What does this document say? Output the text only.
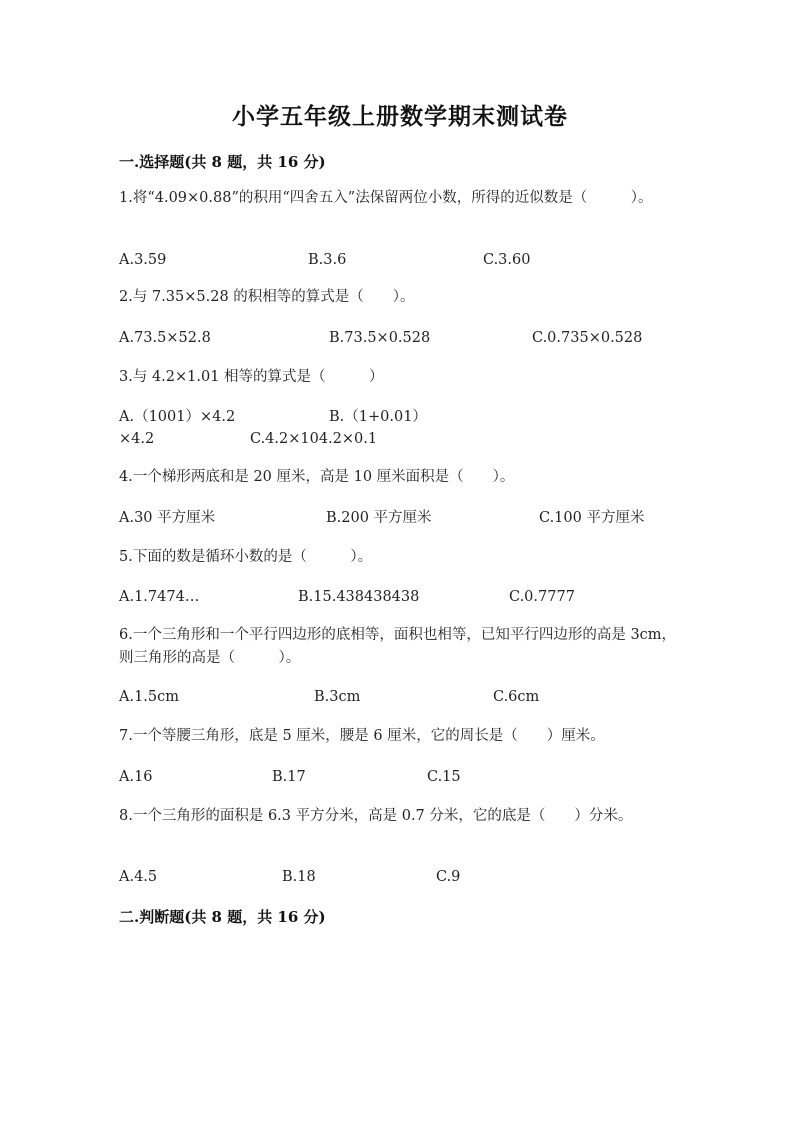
小学五年级上册数学期末测试卷
一.选择题(共 8 题，共 16 分)
1.将“4.09×0.88”的积用“四舍五入”法保留两位小数，所得的近似数是（　　　）。
A.3.59	B.3.6	C.3.60
2.与 7.35×5.28 的积相等的算式是（　　）。
A.73.5×52.8	B.73.5×0.528	C.0.735×0.528
3.与 4.2×1.01 相等的算式是（　　　）
A.（1001）×4.2	B.（1+0.01）
×4.2	C.4.2×104.2×0.1
4.一个梯形两底和是 20 厘米，高是 10 厘米面积是（　　）。
A.30 平方厘米	B.200 平方厘米	C.100 平方厘米
5.下面的数是循环小数的是（　　　）。
A.1.7474…	B.15.438438438	C.0.7777
6.一个三角形和一个平行四边形的底相等，面积也相等，已知平行四边形的高是 3cm，则三角形的高是（　　　）。
A.1.5cm	B.3cm	C.6cm
7.一个等腰三角形，底是 5 厘米，腰是 6 厘米，它的周长是（　　）厘米。
A.16	B.17	C.15
8.一个三角形的面积是 6.3 平方分米，高是 0.7 分米，它的底是（　　）分米。
A.4.5	B.18	C.9
二.判断题(共 8 题，共 16 分)
